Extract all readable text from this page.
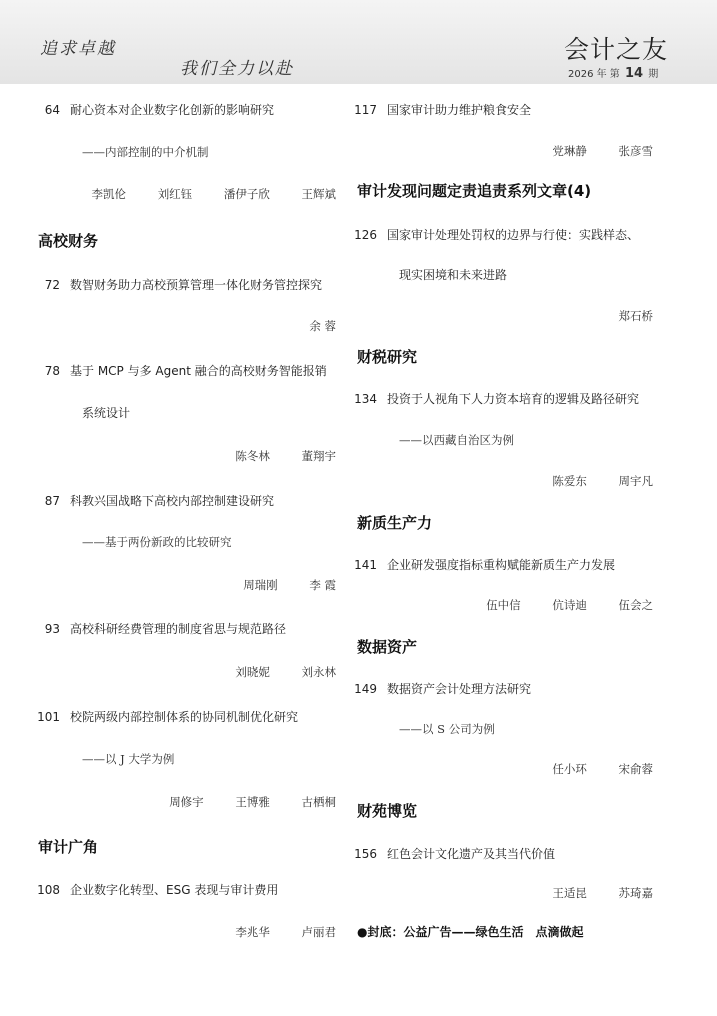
追求卓越
我们全力以赴
会计之友
2026 年 第 14 期
64 耐心资本对企业数字化创新的影响研究
——内部控制的中介机制
李凯伦	刘红钰	潘伊子欣	王辉斌
高校财务
72 数智财务助力高校预算管理一体化财务管控探究
余 蓉
78 基于 MCP 与多 Agent 融合的高校财务智能报销
系统设计
陈冬林	董翔宇
87 科教兴国战略下高校内部控制建设研究
——基于两份新政的比较研究
周瑞刚	李 霞
93 高校科研经费管理的制度省思与规范路径
刘晓妮	刘永林
101 校院两级内部控制体系的协同机制优化研究
——以 J 大学为例
周修宇	王博雅	古栖桐
审计广角
108 企业数字化转型、ESG 表现与审计费用
李兆华	卢丽君
117 国家审计助力维护粮食安全
党琳静	张彦雪
审计发现问题定责追责系列文章(4)
126 国家审计处理处罚权的边界与行使：实践样态、
现实困境和未来进路
郑石桥
财税研究
134 投资于人视角下人力资本培育的逻辑及路径研究
——以西藏自治区为例
陈爱东	周宇凡
新质生产力
141 企业研发强度指标重构赋能新质生产力发展
伍中信	伉诗迪	伍会之
数据资产
149 数据资产会计处理方法研究
——以 S 公司为例
任小环	宋俞蓉
财苑博览
156 红色会计文化遗产及其当代价值
王适昆	苏琦嘉
●封底：公益广告——绿色生活　点滴做起
